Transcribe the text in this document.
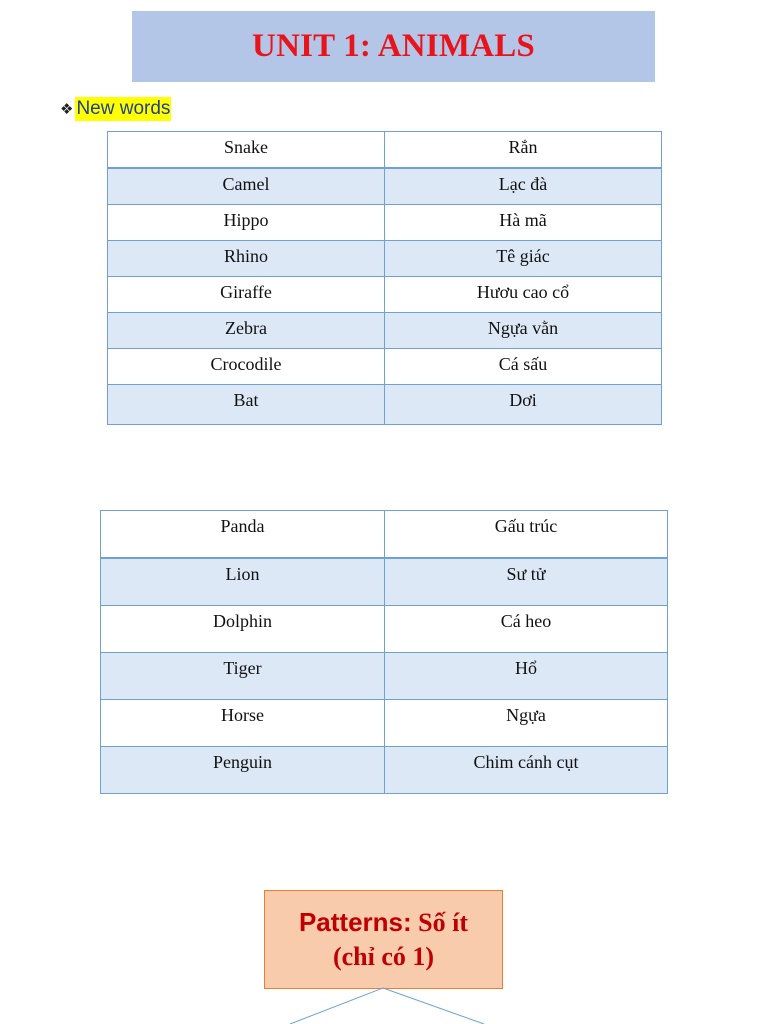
UNIT 1: ANIMALS
❖ New words
Snake	Rắn
Camel	Lạc đà
Hippo	Hà mã
Rhino	Tê giác
Giraffe	Hươu cao cổ
Zebra	Ngựa vằn
Crocodile	Cá sấu
Bat	Dơi
Panda	Gấu trúc
Lion	Sư tử
Dolphin	Cá heo
Tiger	Hổ
Horse	Ngựa
Penguin	Chim cánh cụt
Patterns: Số ít
(chỉ có 1)
